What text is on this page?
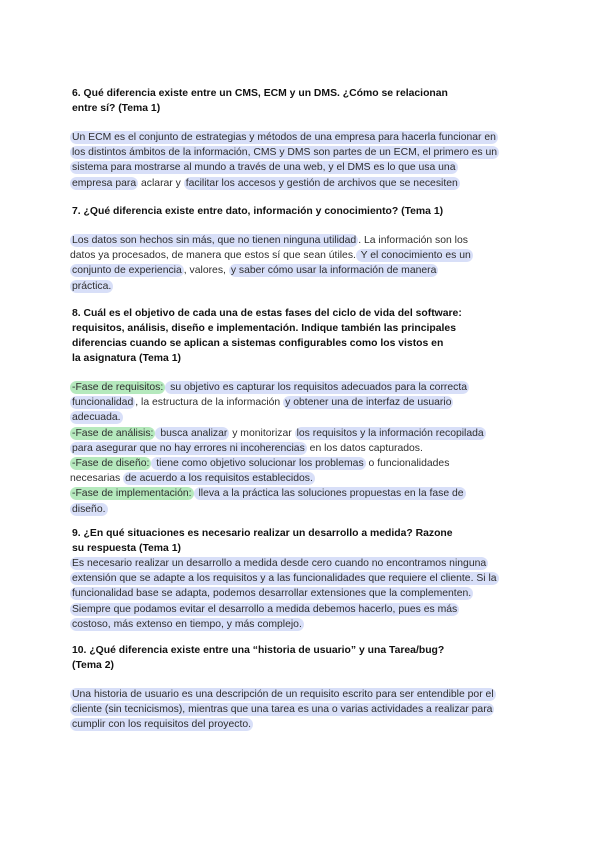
6. Qué diferencia existe entre un CMS, ECM y un DMS. ¿Cómo se relacionan
entre sí? (Tema 1)
Un ECM es el conjunto de estrategias y métodos de una empresa para hacerla funcionar en
los distintos ámbitos de la información, CMS y DMS son partes de un ECM, el primero es un
sistema para mostrarse al mundo a través de una web, y el DMS es lo que usa una
empresa para aclarar y facilitar los accesos y gestión de archivos que se necesiten
7. ¿Qué diferencia existe entre dato, información y conocimiento? (Tema 1)
Los datos son hechos sin más, que no tienen ninguna utilidad . La información son los
datos ya procesados, de manera que estos sí que sean útiles. Y el conocimiento es un
conjunto de experiencia , valores, y saber cómo usar la información de manera
práctica.
8. Cuál es el objetivo de cada una de estas fases del ciclo de vida del software:
requisitos, análisis, diseño e implementación. Indique también las principales
diferencias cuando se aplican a sistemas configurables como los vistos en
la asignatura (Tema 1)
-Fase de requisitos: su objetivo es capturar los requisitos adecuados para la correcta
funcionalidad , la estructura de la información y obtener una de interfaz de usuario
adecuada.
-Fase de análisis: busca analizar y monitorizar los requisitos y la información recopilada
para asegurar que no hay errores ni incoherencias en los datos capturados.
-Fase de diseño: tiene como objetivo solucionar los problemas o funcionalidades
necesarias de acuerdo a los requisitos establecidos.
-Fase de implementación: lleva a la práctica las soluciones propuestas en la fase de
diseño.
9. ¿En qué situaciones es necesario realizar un desarrollo a medida? Razone
su respuesta (Tema 1)
Es necesario realizar un desarrollo a medida desde cero cuando no encontramos ninguna
extensión que se adapte a los requisitos y a las funcionalidades que requiere el cliente. Si la
funcionalidad base se adapta, podemos desarrollar extensiones que la complementen.
Siempre que podamos evitar el desarrollo a medida debemos hacerlo, pues es más
costoso, más extenso en tiempo, y más complejo.
10. ¿Qué diferencia existe entre una “historia de usuario” y una Tarea/bug?
(Tema 2)
Una historia de usuario es una descripción de un requisito escrito para ser entendible por el
cliente (sin tecnicismos), mientras que una tarea es una o varias actividades a realizar para
cumplir con los requisitos del proyecto.
